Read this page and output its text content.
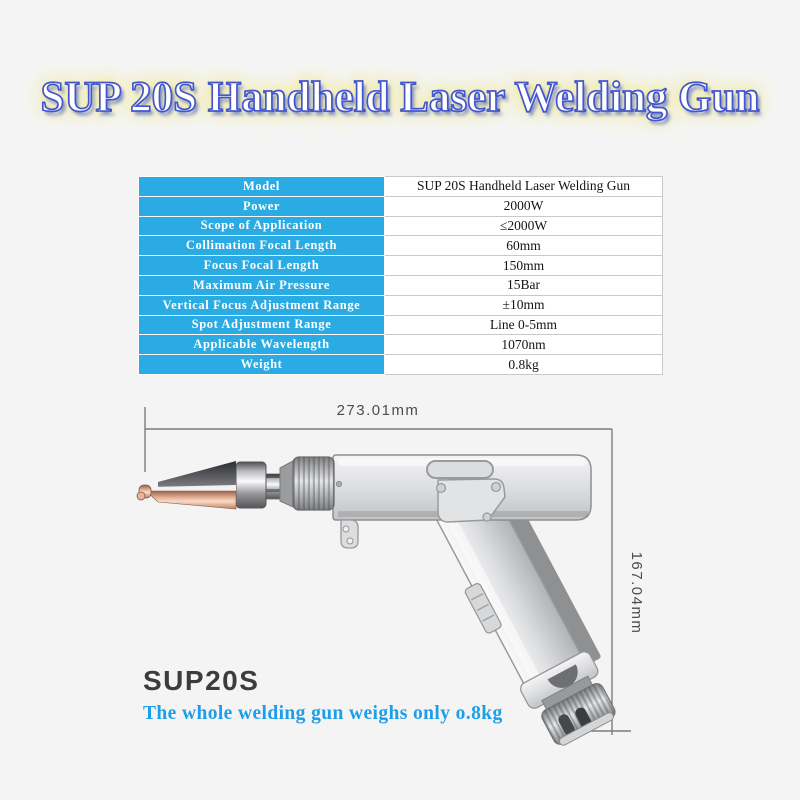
SUP 20S Handheld Laser Welding Gun
Model	SUP 20S Handheld Laser Welding Gun
Power	2000W
Scope of Application	≤2000W
Collimation Focal Length	60mm
Focus Focal Length	150mm
Maximum Air Pressure	15Bar
Vertical Focus Adjustment Range	±10mm
Spot Adjustment Range	Line 0-5mm
Applicable Wavelength	1070nm
Weight	0.8kg
273.01mm
167.04mm
SUP20S
The whole welding gun weighs only o.8kg
